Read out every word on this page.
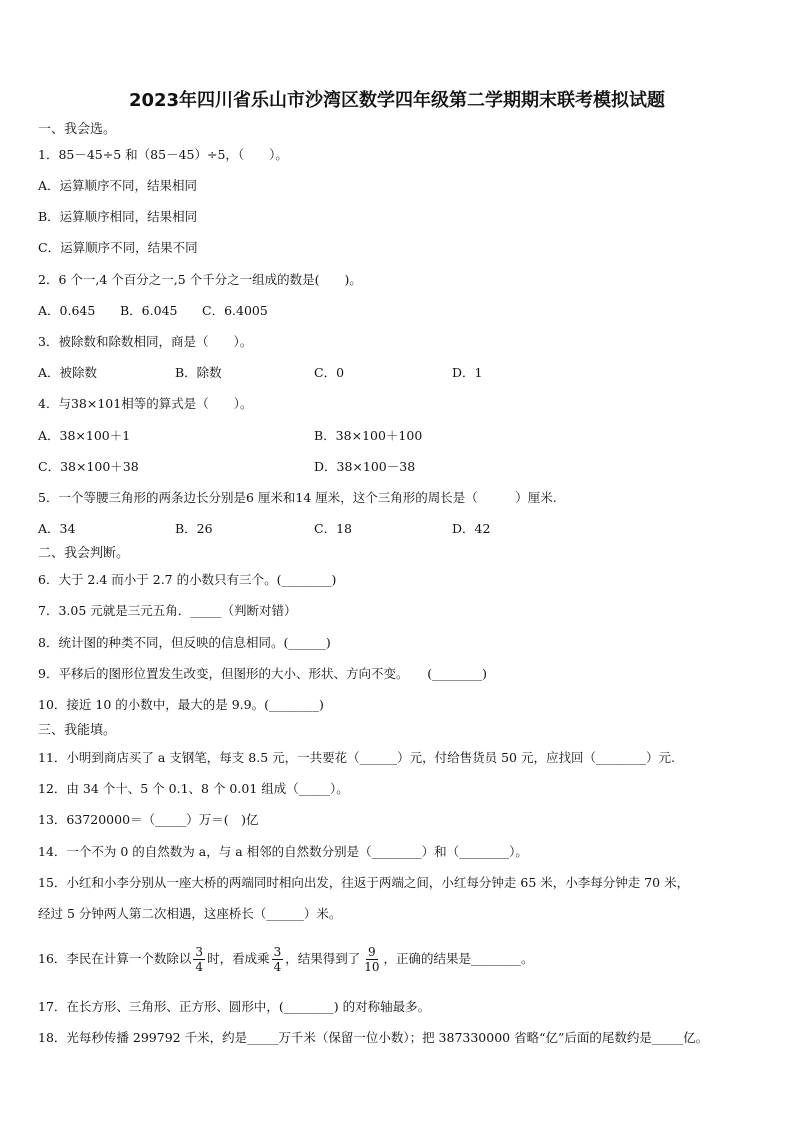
2023年四川省乐山市沙湾区数学四年级第二学期期末联考模拟试题
一、我会选。
1．85－45÷5 和（85－45）÷5，（　　）。
A．运算顺序不同，结果相同
B．运算顺序相同，结果相同
C．运算顺序不同，结果不同
2．6 个一,4 个百分之一,5 个千分之一组成的数是(　　)。
A．0.645 B．6.045 C．6.4005
3．被除数和除数相同，商是（　　）。
A．被除数	B．除数	C．0	D．1
4．与38×101相等的算式是（　　）。
A．38×100＋1	B．38×100＋100
C．38×100＋38	D．38×100－38
5．一个等腰三角形的两条边长分别是6 厘米和14 厘米，这个三角形的周长是（　　　）厘米.
A．34	B．26	C．18	D．42
二、我会判断。
6．大于 2.4 而小于 2.7 的小数只有三个。(________)
7．3.05 元就是三元五角．_____（判断对错）
8．统计图的种类不同，但反映的信息相同。(______)
9．平移后的图形位置发生改变，但图形的大小、形状、方向不变。　　(________)
10．接近 10 的小数中，最大的是 9.9。(________)
三、我能填。
11．小明到商店买了 a 支钢笔，每支 8.5 元，一共要花（______）元，付给售货员 50 元，应找回（________）元.
12．由 34 个十、5 个 0.1、8 个 0.01 组成（_____）。
13．63720000＝（_____）万＝(　)亿
14．一个不为 0 的自然数为 a，与 a 相邻的自然数分别是（________）和（________）。
15．小红和小李分别从一座大桥的两端同时相向出发，往返于两端之间，小红每分钟走 65 米，小李每分钟走 70 米，
经过 5 分钟两人第二次相遇，这座桥长（______）米。
16．李民在计算一个数除以 $\frac{3}{4}$ 时，看成乘 $\frac{3}{4}$ ，结果得到了 $\frac{9}{10}$ ，正确的结果是________。
17．在长方形、三角形、正方形、圆形中，(________) 的对称轴最多。
18．光每秒传播 299792 千米，约是_____万千米（保留一位小数）；把 387330000 省略“亿”后面的尾数约是_____亿。
